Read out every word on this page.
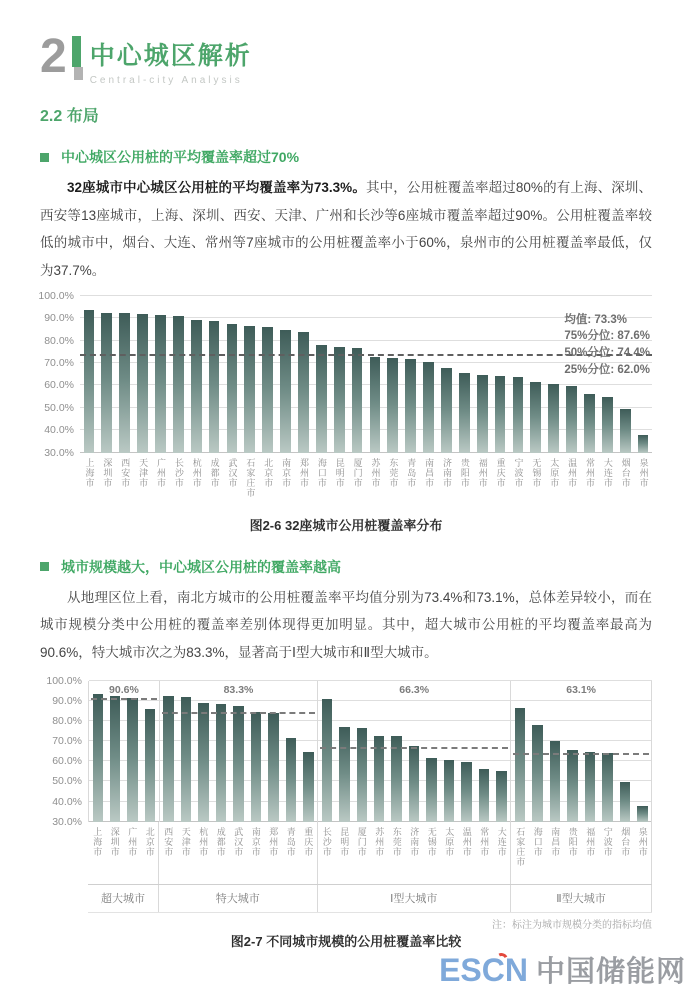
2 中心城区解析
Central-city Analysis
2.2 布局
中心城区公用桩的平均覆盖率超过70%

32座城市中心城区公用桩的平均覆盖率为73.3%。其中，公用桩覆盖率超过80%的有上海、深圳、西安等13座城市，上海、深圳、西安、天津、广州和长沙等6座城市覆盖率超过90%。公用桩覆盖率较低的城市中，烟台、大连、常州等7座城市的公用桩覆盖率小于60%，泉州市的公用桩覆盖率最低，仅为37.7%。

100.0%
90.0%
80.0%
70.0%
60.0%
50.0%
40.0%
30.0%
均值: 73.3%
75%分位: 87.6%
50%分位: 74.4%
25%分位: 62.0%
上海市 深圳市 西安市 天津市 广州市 长沙市 杭州市 成都市 武汉市 石家庄市 北京市 南京市 郑州市 海口市 昆明市 厦门市 苏州市 东莞市 青岛市 南昌市 济南市 贵阳市 福州市 重庆市 宁波市 无锡市 太原市 温州市 常州市 大连市 烟台市 泉州市
图2-6 32座城市公用桩覆盖率分布
城市规模越大，中心城区公用桩的覆盖率越高

从地理区位上看，南北方城市的公用桩覆盖率平均值分别为73.4%和73.1%，总体差异较小，而在城市规模分类中公用桩的覆盖率差别体现得更加明显。其中，超大城市公用桩的平均覆盖率最高为90.6%，特大城市次之为83.3%，显著高于Ⅰ型大城市和Ⅱ型大城市。

100.0%
90.0%
80.0%
70.0%
60.0%
50.0%
40.0%
30.0%
90.6%	83.3%	66.3%	63.1%
上海市 深圳市 广州市 北京市 西安市 天津市 杭州市 成都市 武汉市 南京市 郑州市 青岛市 重庆市 长沙市 昆明市 厦门市 苏州市 东莞市 济南市 无锡市 太原市 温州市 常州市 大连市 石家庄市 海口市 南昌市 贵阳市 福州市 宁波市 烟台市 泉州市
超大城市	特大城市	Ⅰ型大城市	Ⅱ型大城市
注：标注为城市规模分类的指标均值
图2-7 不同城市规模的公用桩覆盖率比较
ESC
N 中国储能网
